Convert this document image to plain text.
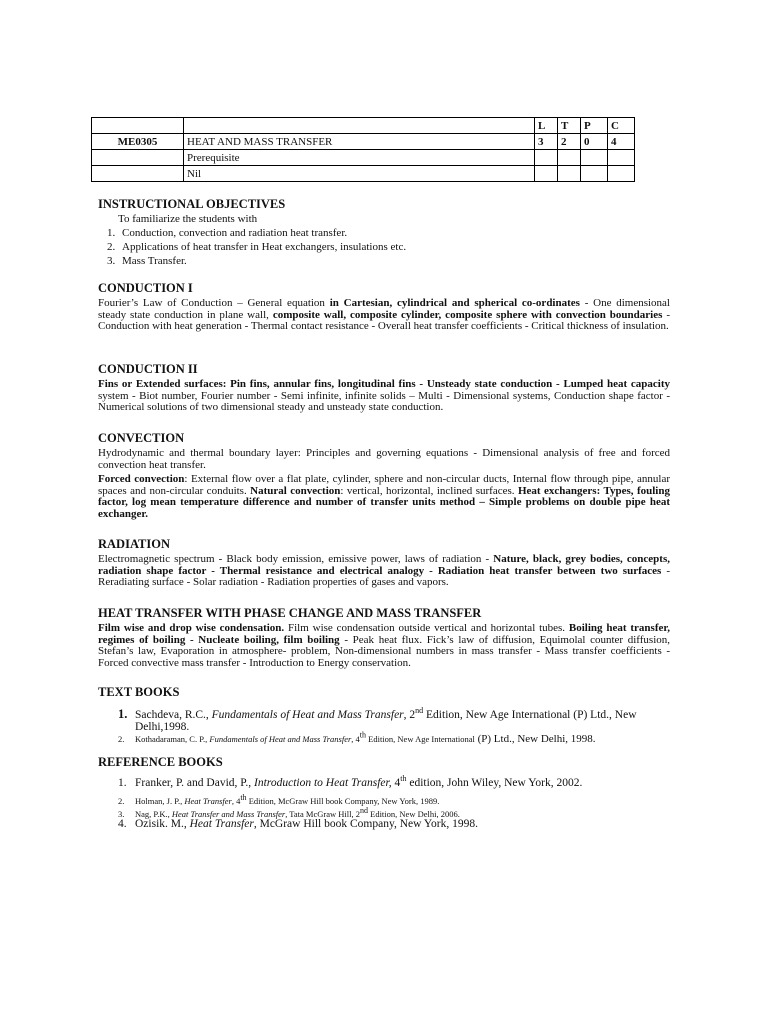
		L	T	P	C
ME0305	HEAT AND MASS TRANSFER	3	2	0	4
	Prerequisite				
	Nil				

INSTRUCTIONAL OBJECTIVES

To familiarize the students with

1. Conduction, convection and radiation heat transfer.
2. Applications of heat transfer in Heat exchangers, insulations etc.
3. Mass Transfer.

CONDUCTION I

Fourier’s Law of Conduction – General equation in Cartesian, cylindrical and spherical co-ordinates - One dimensional steady state conduction in plane wall, composite wall, composite cylinder, composite sphere with convection boundaries - Conduction with heat generation - Thermal contact resistance - Overall heat transfer coefficients - Critical thickness of insulation.

CONDUCTION II

Fins or Extended surfaces: Pin fins, annular fins, longitudinal fins - Unsteady state conduction - Lumped heat capacity system - Biot number, Fourier number - Semi infinite, infinite solids – Multi - Dimensional systems, Conduction shape factor - Numerical solutions of two dimensional steady and unsteady state conduction.

CONVECTION

Hydrodynamic and thermal boundary layer: Principles and governing equations - Dimensional analysis of free and forced convection heat transfer.

Forced convection: External flow over a flat plate, cylinder, sphere and non-circular ducts, Internal flow through pipe, annular spaces and non-circular conduits. Natural convection: vertical, horizontal, inclined surfaces. Heat exchangers: Types, fouling factor, log mean temperature difference and number of transfer units method – Simple problems on double pipe heat exchanger.

RADIATION

Electromagnetic spectrum - Black body emission, emissive power, laws of radiation - Nature, black, grey bodies, concepts, radiation shape factor - Thermal resistance and electrical analogy - Radiation heat transfer between two surfaces - Reradiating surface - Solar radiation - Radiation properties of gases and vapors.

HEAT TRANSFER WITH PHASE CHANGE AND MASS TRANSFER

Film wise and drop wise condensation. Film wise condensation outside vertical and horizontal tubes. Boiling heat transfer, regimes of boiling - Nucleate boiling, film boiling - Peak heat flux. Fick’s law of diffusion, Equimolal counter diffusion, Stefan’s law, Evaporation in atmosphere- problem, Non-dimensional numbers in mass transfer - Mass transfer coefficients - Forced convective mass transfer - Introduction to Energy conservation.

TEXT BOOKS

1. Sachdeva, R.C., Fundamentals of Heat and Mass Transfer, 2nd Edition, New Age International (P) Ltd., New
Delhi,1998.
2. Kothadaraman, C. P., Fundamentals of Heat and Mass Transfer, 4th Edition, New Age International (P) Ltd., New Delhi, 1998.

REFERENCE BOOKS

1. Franker, P. and David, P., Introduction to Heat Transfer, 4th edition, John Wiley, New York, 2002.
2. Holman, J. P., Heat Transfer, 4th Edition, McGraw Hill book Company, New York, 1989.
3. Nag, P.K., Heat Transfer and Mass Transfer, Tata McGraw Hill, 2nd Edition, New Delhi, 2006.
4. Ozisik. M., Heat Transfer, McGraw Hill book Company, New York, 1998.
